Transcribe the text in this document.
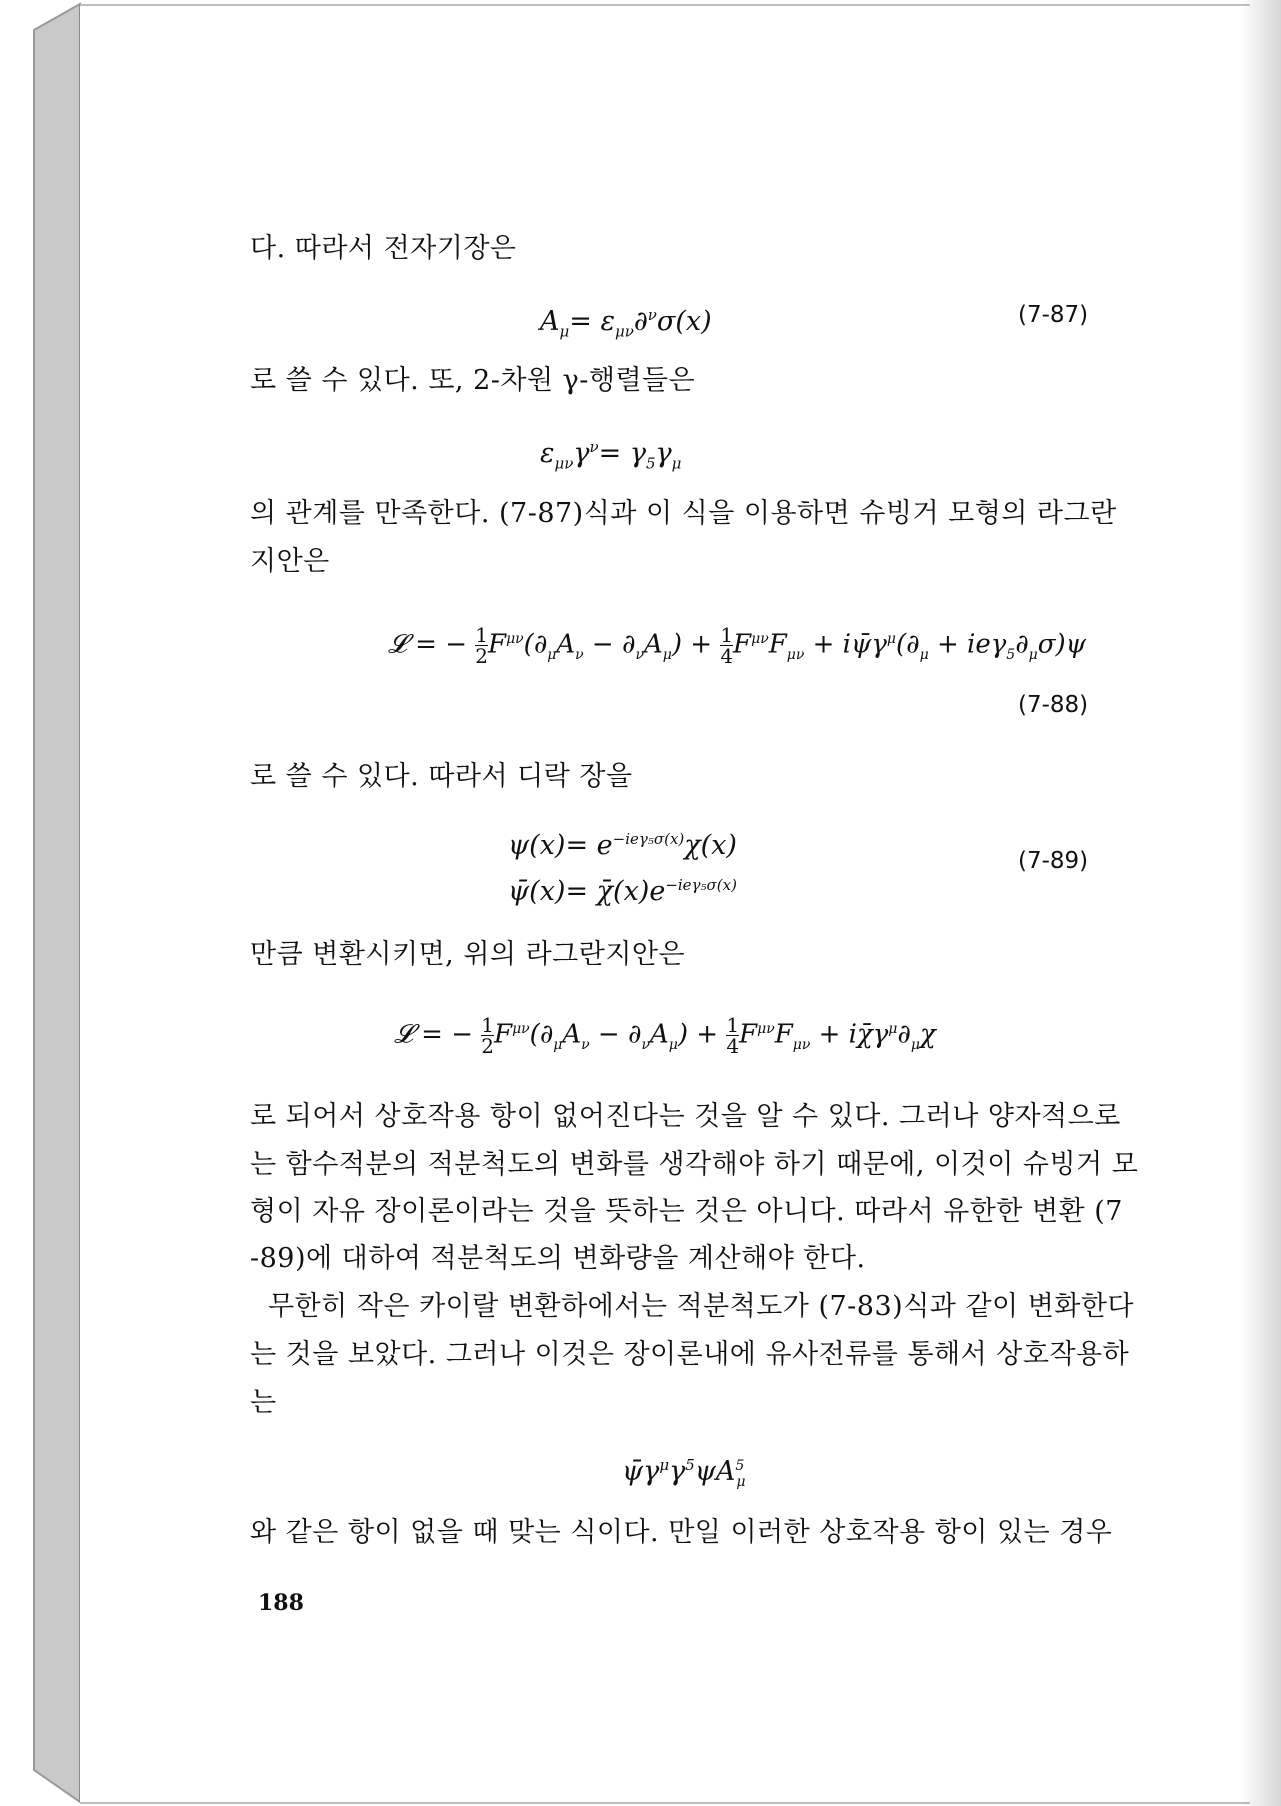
다. 따라서 전자기장은
$A_\mu= \varepsilon_{\mu\nu}\partial^\nu\sigma(x)$	(7-87)
로 쓸 수 있다. 또, 2-차원 γ-행렬들은
$\varepsilon_{\mu\nu}\gamma^\nu= \gamma_5\gamma_\mu$
의 관계를 만족한다. (7-87)식과 이 식을 이용하면 슈빙거 모형의 라그란
지안은
𝓛 = − $\frac{1}{2} F^{\mu\nu}(\partial_\mu A_\nu - \partial_\nu A_\mu) + \frac{1}{4} F^{\mu\nu}F_{\mu\nu}$ + $i\psī\gamma^\mu(\partial_\mu + ie\gamma_5\partial_\mu\sigma)\psi$
(7-88)
로 쓸 수 있다. 따라서 디락 장을
$\psi(x)= e^{-ie\gamma_5\sigma(x)}\chi(x)$
ψ̄(x)= $\chī(x)e^{-ie\gamma_5\sigma(x)}$
(7-89)
만큼 변환시키면, 위의 라그란지안은
𝓛 = − $\frac{1}{2} F^{\mu\nu}(\partial_\mu A_\nu - \partial_\nu A_\mu) + \frac{1}{4} F^{\mu\nu}F_{\mu\nu}$ + $i\chī\gamma^\mu\partial_\mu\chi$
로 되어서 상호작용 항이 없어진다는 것을 알 수 있다. 그러나 양자적으로
는 함수적분의 적분척도의 변화를 생각해야 하기 때문에, 이것이 슈빙거 모
형이 자유 장이론이라는 것을 뜻하는 것은 아니다. 따라서 유한한 변환 (7
-89)에 대하여 적분척도의 변화량을 계산해야 한다.
무한히 작은 카이랄 변환하에서는 적분척도가 (7-83)식과 같이 변화한다
는 것을 보았다. 그러나 이것은 장이론내에 유사전류를 통해서 상호작용하
는
$\psī\gamma^\mu\gamma^5\psi A^5_\mu$
와 같은 항이 없을 때 맞는 식이다. 만일 이러한 상호작용 항이 있는 경우
188
